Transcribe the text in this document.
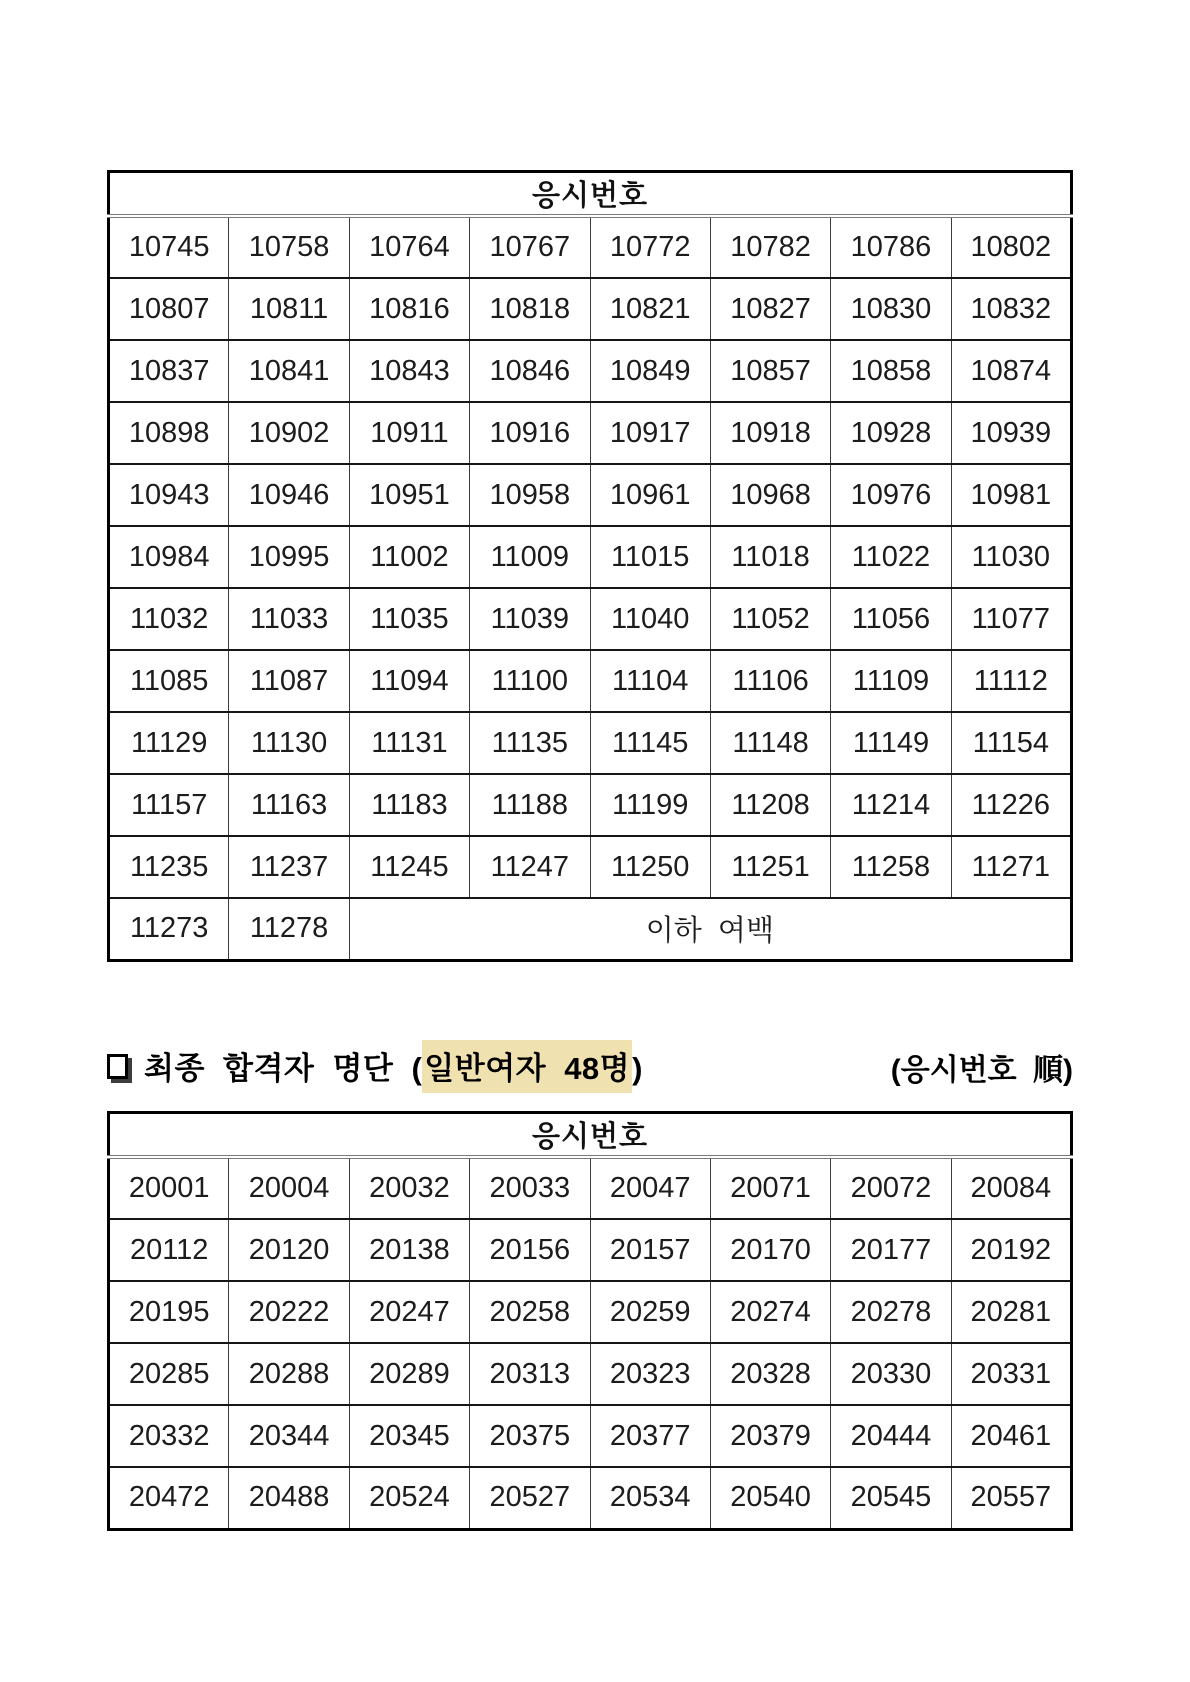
응시번호							
10745	10758	10764	10767	10772	10782	10786	10802
10807	10811	10816	10818	10821	10827	10830	10832
10837	10841	10843	10846	10849	10857	10858	10874
10898	10902	10911	10916	10917	10918	10928	10939
10943	10946	10951	10958	10961	10968	10976	10981
10984	10995	11002	11009	11015	11018	11022	11030
11032	11033	11035	11039	11040	11052	11056	11077
11085	11087	11094	11100	11104	11106	11109	11112
11129	11130	11131	11135	11145	11148	11149	11154
11157	11163	11183	11188	11199	11208	11214	11226
11235	11237	11245	11247	11250	11251	11258	11271
11273	11278	이하  여백					
최종 합격자 명단 (일반여자 48명)	(응시번호 順)
응시번호							
20001	20004	20032	20033	20047	20071	20072	20084
20112	20120	20138	20156	20157	20170	20177	20192
20195	20222	20247	20258	20259	20274	20278	20281
20285	20288	20289	20313	20323	20328	20330	20331
20332	20344	20345	20375	20377	20379	20444	20461
20472	20488	20524	20527	20534	20540	20545	20557
